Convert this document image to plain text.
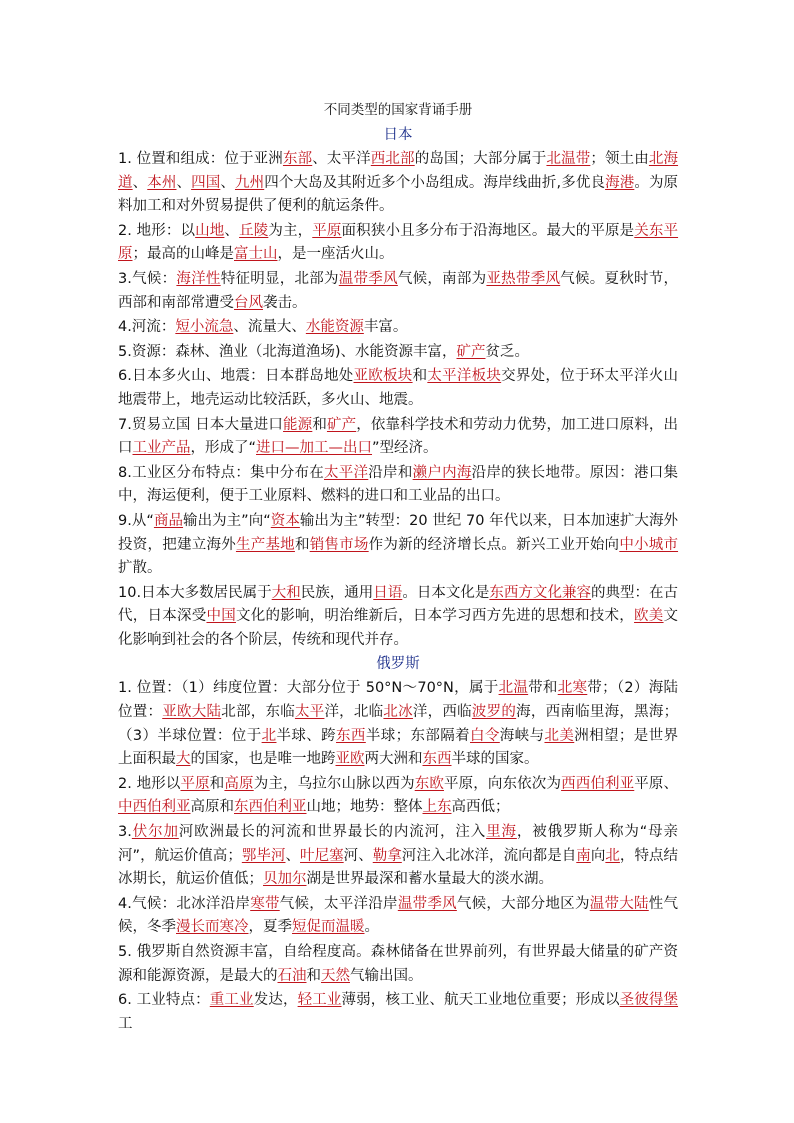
不同类型的国家背诵手册
日本
1. 位置和组成：位于亚洲东部、太平洋西北部的岛国；大部分属于北温带；领土由北海道、本州、四国、九州四个大岛及其附近多个小岛组成。海岸线曲折,多优良海港。为原料加工和对外贸易提供了便利的航运条件。
2. 地形：以山地、丘陵为主，平原面积狭小且多分布于沿海地区。最大的平原是关东平原；最高的山峰是富士山，是一座活火山。
3.气候：海洋性特征明显，北部为温带季风气候，南部为亚热带季风气候。夏秋时节，西部和南部常遭受台风袭击。
4.河流：短小流急、流量大、水能资源丰富。
5.资源：森林、渔业（北海道渔场)、水能资源丰富，矿产贫乏。
6.日本多火山、地震：日本群岛地处亚欧板块和太平洋板块交界处，位于环太平洋火山地震带上，地壳运动比较活跃，多火山、地震。
7.贸易立国 日本大量进口能源和矿产，依靠科学技术和劳动力优势，加工进口原料，出口工业产品，形成了“进口—加工—出口”型经济。
8.工业区分布特点：集中分布在太平洋沿岸和濑户内海沿岸的狭长地带。原因：港口集中，海运便利，便于工业原料、燃料的进口和工业品的出口。
9.从“商品输出为主”向“资本输出为主”转型：20 世纪 70 年代以来，日本加速扩大海外投资，把建立海外生产基地和销售市场作为新的经济增长点。新兴工业开始向中小城市扩散。
10.日本大多数居民属于大和民族，通用日语。日本文化是东西方文化兼容的典型：在古代，日本深受中国文化的影响，明治维新后，日本学习西方先进的思想和技术，欧美文化影响到社会的各个阶层，传统和现代并存。
俄罗斯
1. 位置：（1）纬度位置：大部分位于 50°N～70°N，属于北温带和北寒带；（2）海陆位置：亚欧大陆北部，东临太平洋，北临北冰洋，西临波罗的海，西南临里海，黑海；（3）半球位置：位于北半球、跨东西半球；东部隔着白令海峡与北美洲相望；是世界上面积最大的国家，也是唯一地跨亚欧两大洲和东西半球的国家。
2. 地形以平原和高原为主，乌拉尔山脉以西为东欧平原，向东依次为西西伯利亚平原、中西伯利亚高原和东西伯利亚山地；地势：整体上东高西低；
3.伏尔加河欧洲最长的河流和世界最长的内流河，注入里海，被俄罗斯人称为“母亲河”，航运价值高；鄂毕河、叶尼塞河、勒拿河注入北冰洋，流向都是自南向北，特点结冰期长，航运价值低；贝加尔湖是世界最深和蓄水量最大的淡水湖。
4.气候：北冰洋沿岸寒带气候，太平洋沿岸温带季风气候，大部分地区为温带大陆性气候，冬季漫长而寒冷，夏季短促而温暖。
5. 俄罗斯自然资源丰富，自给程度高。森林储备在世界前列，有世界最大储量的矿产资源和能源资源，是最大的石油和天然气输出国。
6. 工业特点：重工业发达，轻工业薄弱，核工业、航天工业地位重要；形成以圣彼得堡工
